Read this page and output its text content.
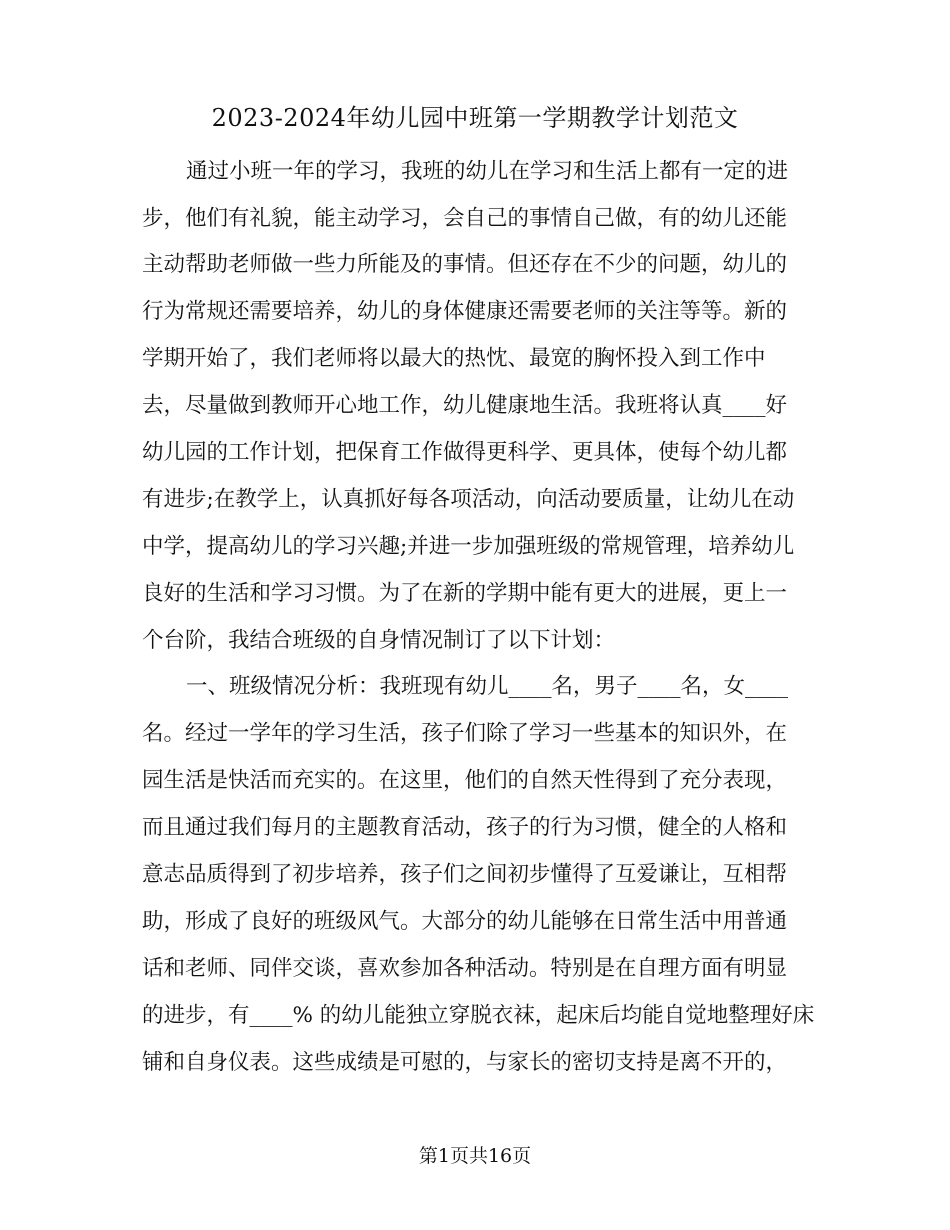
2023-2024年幼儿园中班第一学期教学计划范文
通过小班一年的学习，我班的幼儿在学习和生活上都有一定的进
步，他们有礼貌，能主动学习，会自己的事情自己做，有的幼儿还能
主动帮助老师做一些力所能及的事情。但还存在不少的问题，幼儿的
行为常规还需要培养，幼儿的身体健康还需要老师的关注等等。新的
学期开始了，我们老师将以最大的热忱、最宽的胸怀投入到工作中
去，尽量做到教师开心地工作，幼儿健康地生活。我班将认真____好
幼儿园的工作计划，把保育工作做得更科学、更具体，使每个幼儿都
有进步;在教学上，认真抓好每各项活动，向活动要质量，让幼儿在动
中学，提高幼儿的学习兴趣;并进一步加强班级的常规管理，培养幼儿
良好的生活和学习习惯。为了在新的学期中能有更大的进展，更上一
个台阶，我结合班级的自身情况制订了以下计划：
一、班级情况分析：我班现有幼儿____名，男子____名，女____
名。经过一学年的学习生活，孩子们除了学习一些基本的知识外，在
园生活是快活而充实的。在这里，他们的自然天性得到了充分表现，
而且通过我们每月的主题教育活动，孩子的行为习惯，健全的人格和
意志品质得到了初步培养，孩子们之间初步懂得了互爱谦让，互相帮
助，形成了良好的班级风气。大部分的幼儿能够在日常生活中用普通
话和老师、同伴交谈，喜欢参加各种活动。特别是在自理方面有明显
的进步，有____% 的幼儿能独立穿脱衣袜，起床后均能自觉地整理好床
铺和自身仪表。这些成绩是可慰的，与家长的密切支持是离不开的，
第1页共16页
